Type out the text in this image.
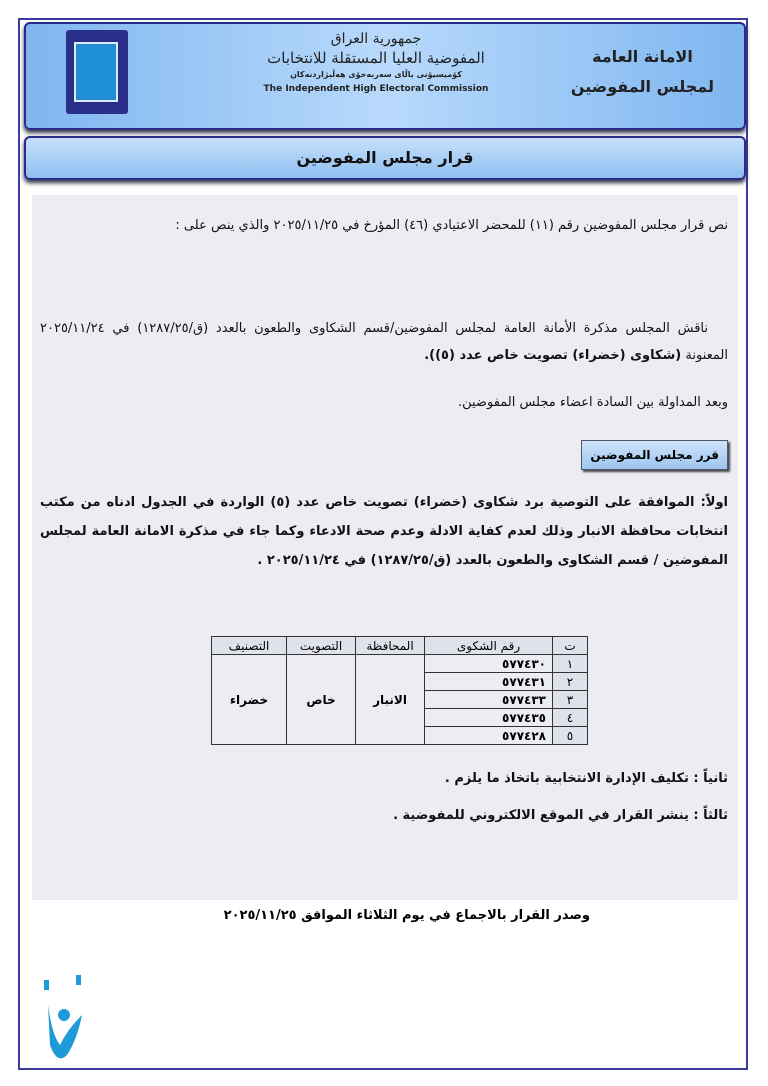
جمهورية العراق
المفوضية العليا المستقلة للانتخابات
كۆمیسیۆنی باڵای سەربەخۆی هەڵبژاردنەکان
The Independent High Electoral Commission
الامانة العامة
لمجلس المفوضين
قرار مجلس المفوضين
نص قرار مجلس المفوضين رقم (١١) للمحضر الاعتيادي (٤٦) المؤرخ في ٢٠٢٥/١١/٢٥ والذي ينص على :
ناقش المجلس مذكرة الأمانة العامة لمجلس المفوضين/قسم الشكاوى والطعون بالعدد (ق/١٢٨٧/٢٥) في ٢٠٢٥/١١/٢٤ المعنونة (شكاوى (خضراء) تصويت خاص عدد (٥)).
وبعد المداولة بين السادة اعضاء مجلس المفوضين.
قرر مجلس المفوضين
اولاً: الموافقة على التوصية برد شكاوى (خضراء) تصويت خاص عدد (٥) الواردة في الجدول ادناه من مكتب انتخابات محافظة الانبار وذلك لعدم كفاية الادلة وعدم صحة الادعاء وكما جاء في مذكرة الامانة العامة لمجلس المفوضين / قسم الشكاوى والطعون بالعدد (ق/١٢٨٧/٢٥) في ٢٠٢٥/١١/٢٤ .
ت	رقم الشكوى	المحافظة	التصويت	التصنيف
١	٥٧٧٤٣٠	الانبار	خاص	خضراء
٢	٥٧٧٤٣١			
٣	٥٧٧٤٣٣			
٤	٥٧٧٤٣٥			
٥	٥٧٧٤٢٨			
ثانياً : تكليف الإدارة الانتخابية باتخاذ ما يلزم .
ثالثاً : ينشر القرار في الموقع الالكتروني للمفوضية .
وصدر القرار بالاجماع في يوم الثلاثاء الموافق ٢٠٢٥/١١/٢٥
